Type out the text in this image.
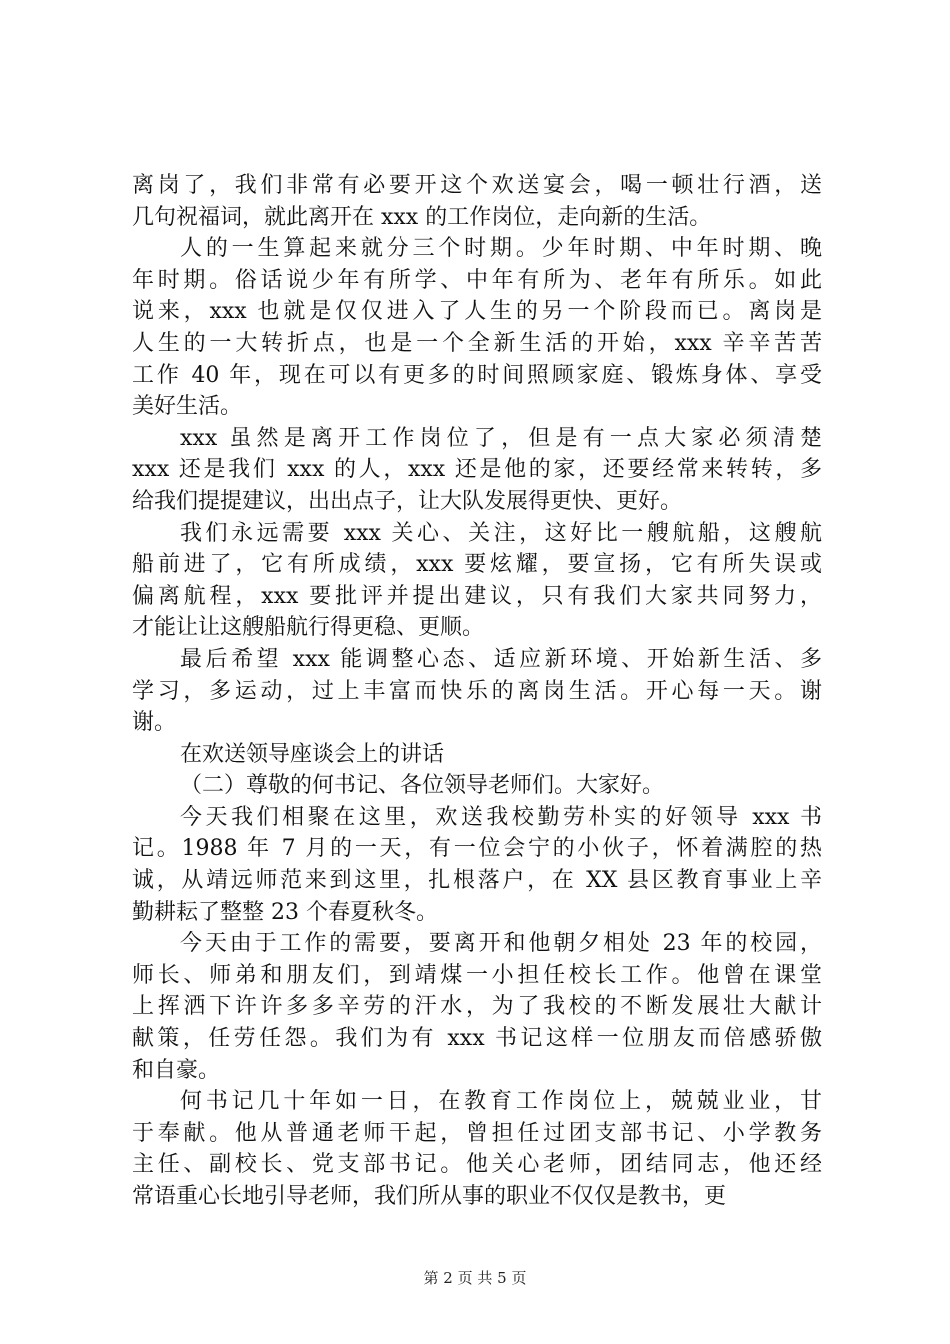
离岗了，我们非常有必要开这个欢送宴会，喝一顿壮行酒，送
几句祝福词，就此离开在 xxx 的工作岗位，走向新的生活。
人的一生算起来就分三个时期。少年时期、中年时期、晚
年时期。俗话说少年有所学、中年有所为、老年有所乐。如此
说来，xxx 也就是仅仅进入了人生的另一个阶段而已。离岗是
人生的一大转折点，也是一个全新生活的开始，xxx 辛辛苦苦
工作 40 年，现在可以有更多的时间照顾家庭、锻炼身体、享受
美好生活。
xxx 虽然是离开工作岗位了，但是有一点大家必须清楚
xxx 还是我们 xxx 的人，xxx 还是他的家，还要经常来转转，多
给我们提提建议，出出点子，让大队发展得更快、更好。
我们永远需要 xxx 关心、关注，这好比一艘航船，这艘航
船前进了，它有所成绩，xxx 要炫耀，要宣扬，它有所失误或
偏离航程，xxx 要批评并提出建议，只有我们大家共同努力，
才能让让这艘船航行得更稳、更顺。
最后希望 xxx 能调整心态、适应新环境、开始新生活、多
学习，多运动，过上丰富而快乐的离岗生活。开心每一天。谢
谢。
在欢送领导座谈会上的讲话
（二）尊敬的何书记、各位领导老师们。大家好。
今天我们相聚在这里，欢送我校勤劳朴实的好领导 xxx 书
记。1988 年 7 月的一天，有一位会宁的小伙子，怀着满腔的热
诚，从靖远师范来到这里，扎根落户，在 XX 县区教育事业上辛
勤耕耘了整整 23 个春夏秋冬。
今天由于工作的需要，要离开和他朝夕相处 23 年的校园，
师长、师弟和朋友们，到靖煤一小担任校长工作。他曾在课堂
上挥洒下许许多多辛劳的汗水，为了我校的不断发展壮大献计
献策，任劳任怨。我们为有 xxx 书记这样一位朋友而倍感骄傲
和自豪。
何书记几十年如一日，在教育工作岗位上，兢兢业业，甘
于奉献。他从普通老师干起，曾担任过团支部书记、小学教务
主任、副校长、党支部书记。他关心老师，团结同志，他还经
常语重心长地引导老师，我们所从事的职业不仅仅是教书，更
第 2 页 共 5 页
